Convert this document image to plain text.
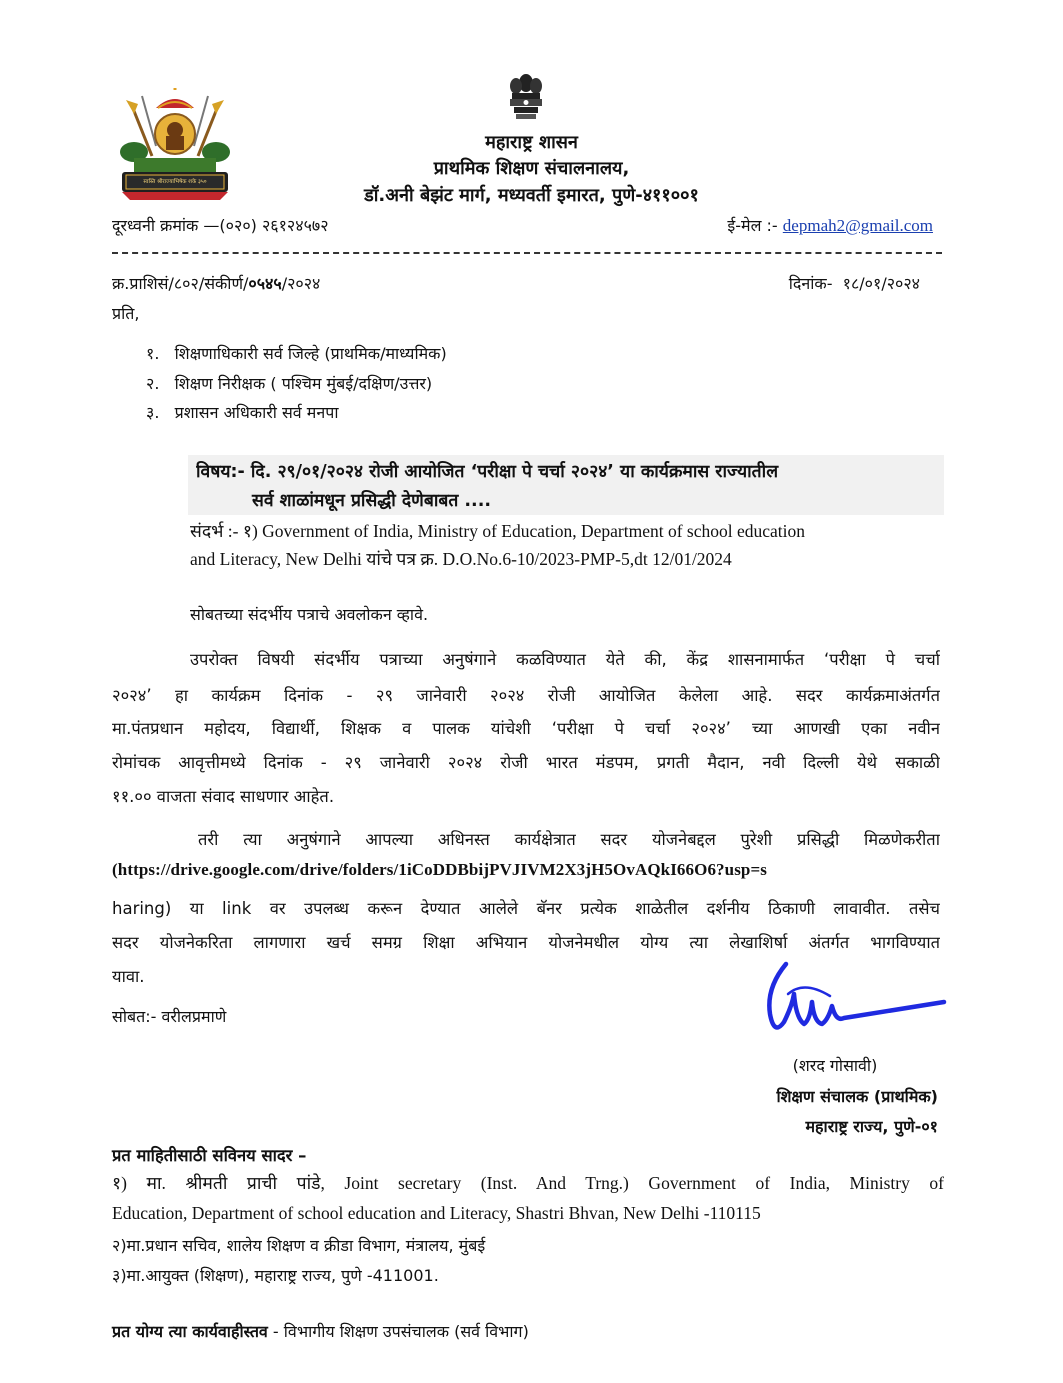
स्वस्ति श्रीराज्याभिषेक शके ३५०
महाराष्ट्र शासन
प्राथमिक शिक्षण संचालनालय,
डॉ.अनी बेझंट मार्ग, मध्यवर्ती इमारत, पुणे-४११००१
दूरध्वनी क्रमांक —(०२०) २६१२४५७२	ई-मेल :- depmah2@gmail.com
क्र.प्राशिसं/८०२/संकीर्ण/०५४५/२०२४	दिनांक-  १८/०१/२०२४
प्रति,
१.   शिक्षणाधिकारी सर्व जिल्हे (प्राथमिक/माध्यमिक)
२.   शिक्षण निरीक्षक ( पश्चिम मुंबई/दक्षिण/उत्तर)
३.   प्रशासन अधिकारी सर्व मनपा
विषय:- दि. २९/०१/२०२४ रोजी आयोजित ‘परीक्षा पे चर्चा २०२४’ या कार्यक्रमास राज्यातील
सर्व शाळांमधून प्रसिद्धी देणेबाबत ....
संदर्भ :- १) Government of India, Ministry of Education, Department of school education
and Literacy, New Delhi यांचे पत्र क्र. D.O.No.6-10/2023-PMP-5,dt 12/01/2024
सोबतच्या संदर्भीय पत्राचे अवलोकन व्हावे.
उपरोक्त विषयी संदर्भीय पत्राच्या अनुषंगाने कळविण्यात येते की, केंद्र शासनामार्फत ‘परीक्षा पे चर्चा
२०२४’ हा कार्यक्रम दिनांक - २९ जानेवारी २०२४ रोजी आयोजित केलेला आहे. सदर कार्यक्रमाअंतर्गत
मा.पंतप्रधान महोदय, विद्यार्थी, शिक्षक व पालक यांचेशी ‘परीक्षा पे चर्चा २०२४’ च्या आणखी एका नवीन
रोमांचक आवृत्तीमध्ये दिनांक - २९ जानेवारी २०२४ रोजी भारत मंडपम, प्रगती मैदान, नवी दिल्ली येथे सकाळी
११.०० वाजता संवाद साधणार आहेत.
तरी त्या अनुषंगाने आपल्या अधिनस्त कार्यक्षेत्रात सदर योजनेबद्दल पुरेशी प्रसिद्धी मिळणेकरीता
(https://drive.google.com/drive/folders/1iCoDDBbijPVJIVM2X3jH5OvAQkI66O6?usp=s
haring) या link वर उपलब्ध करून देण्यात आलेले बॅनर प्रत्येक शाळेतील दर्शनीय ठिकाणी लावावीत. तसेच
सदर योजनेकरिता लागणारा खर्च समग्र शिक्षा अभियान योजनेमधील योग्य त्या लेखाशिर्षा अंतर्गत भागविण्यात
यावा.
सोबत:- वरीलप्रमाणे
(शरद गोसावी)
शिक्षण संचालक (प्राथमिक)
महाराष्ट्र राज्य, पुणे-०१
प्रत माहितीसाठी सविनय सादर –
१) मा. श्रीमती प्राची पांडे, Joint secretary (Inst. And Trng.) Government of India, Ministry of
Education, Department of school education and Literacy, Shastri Bhvan, New Delhi -110115
२)मा.प्रधान सचिव, शालेय शिक्षण व क्रीडा विभाग, मंत्रालय, मुंबई
३)मा.आयुक्त (शिक्षण), महाराष्ट्र राज्य, पुणे -411001.
प्रत योग्य त्या कार्यवाहीस्तव - विभागीय शिक्षण उपसंचालक (सर्व विभाग)
